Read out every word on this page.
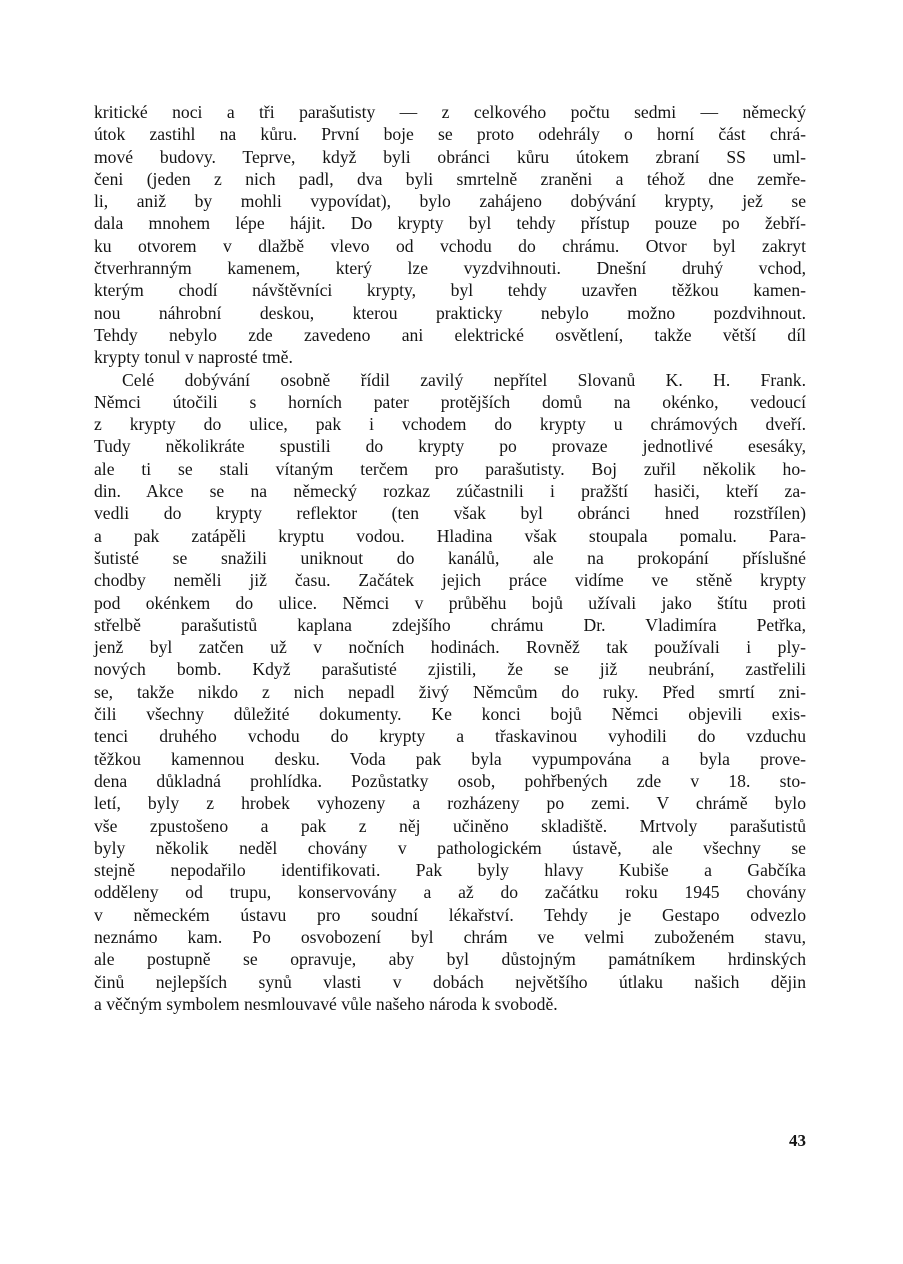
kritické noci a tři parašutisty — z celkového počtu sedmi — německý
útok zastihl na kůru. První boje se proto odehrály o horní část chrá-
mové budovy. Teprve, když byli obránci kůru útokem zbraní SS uml-
čeni (jeden z nich padl, dva byli smrtelně zraněni a téhož dne zemře-
li, aniž by mohli vypovídat), bylo zahájeno dobývání krypty, jež se
dala mnohem lépe hájit. Do krypty byl tehdy přístup pouze po žebří-
ku otvorem v dlažbě vlevo od vchodu do chrámu. Otvor byl zakryt
čtverhranným kamenem, který lze vyzdvihnouti. Dnešní druhý vchod,
kterým chodí návštěvníci krypty, byl tehdy uzavřen těžkou kamen-
nou náhrobní deskou, kterou prakticky nebylo možno pozdvihnout.
Tehdy nebylo zde zavedeno ani elektrické osvětlení, takže větší díl
krypty tonul v naprosté tmě.
Celé dobývání osobně řídil zavilý nepřítel Slovanů K. H. Frank.
Němci útočili s horních pater protějších domů na okénko, vedoucí
z krypty do ulice, pak i vchodem do krypty u chrámových dveří.
Tudy několikráte spustili do krypty po provaze jednotlivé esesáky,
ale ti se stali vítaným terčem pro parašutisty. Boj zuřil několik ho-
din. Akce se na německý rozkaz zúčastnili i pražští hasiči, kteří za-
vedli do krypty reflektor (ten však byl obránci hned rozstřílen)
a pak zatápěli kryptu vodou. Hladina však stoupala pomalu. Para-
šutisté se snažili uniknout do kanálů, ale na prokopání příslušné
chodby neměli již času. Začátek jejich práce vidíme ve stěně krypty
pod okénkem do ulice. Němci v průběhu bojů užívali jako štítu proti
střelbě parašutistů kaplana zdejšího chrámu Dr. Vladimíra Petřka,
jenž byl zatčen už v nočních hodinách. Rovněž tak používali i ply-
nových bomb. Když parašutisté zjistili, že se již neubrání, zastřelili
se, takže nikdo z nich nepadl živý Němcům do ruky. Před smrtí zni-
čili všechny důležité dokumenty. Ke konci bojů Němci objevili exis-
tenci druhého vchodu do krypty a třaskavinou vyhodili do vzduchu
těžkou kamennou desku. Voda pak byla vypumpována a byla prove-
dena důkladná prohlídka. Pozůstatky osob, pohřbených zde v 18. sto-
letí, byly z hrobek vyhozeny a rozházeny po zemi. V chrámě bylo
vše zpustošeno a pak z něj učiněno skladiště. Mrtvoly parašutistů
byly několik neděl chovány v pathologickém ústavě, ale všechny se
stejně nepodařilo identifikovati. Pak byly hlavy Kubiše a Gabčíka
odděleny od trupu, konservovány a až do začátku roku 1945 chovány
v německém ústavu pro soudní lékařství. Tehdy je Gestapo odvezlo
neznámo kam. Po osvobození byl chrám ve velmi zuboženém stavu,
ale postupně se opravuje, aby byl důstojným památníkem hrdinských
činů nejlepších synů vlasti v dobách největšího útlaku našich dějin
a věčným symbolem nesmlouvavé vůle našeho národa k svobodě.
43
